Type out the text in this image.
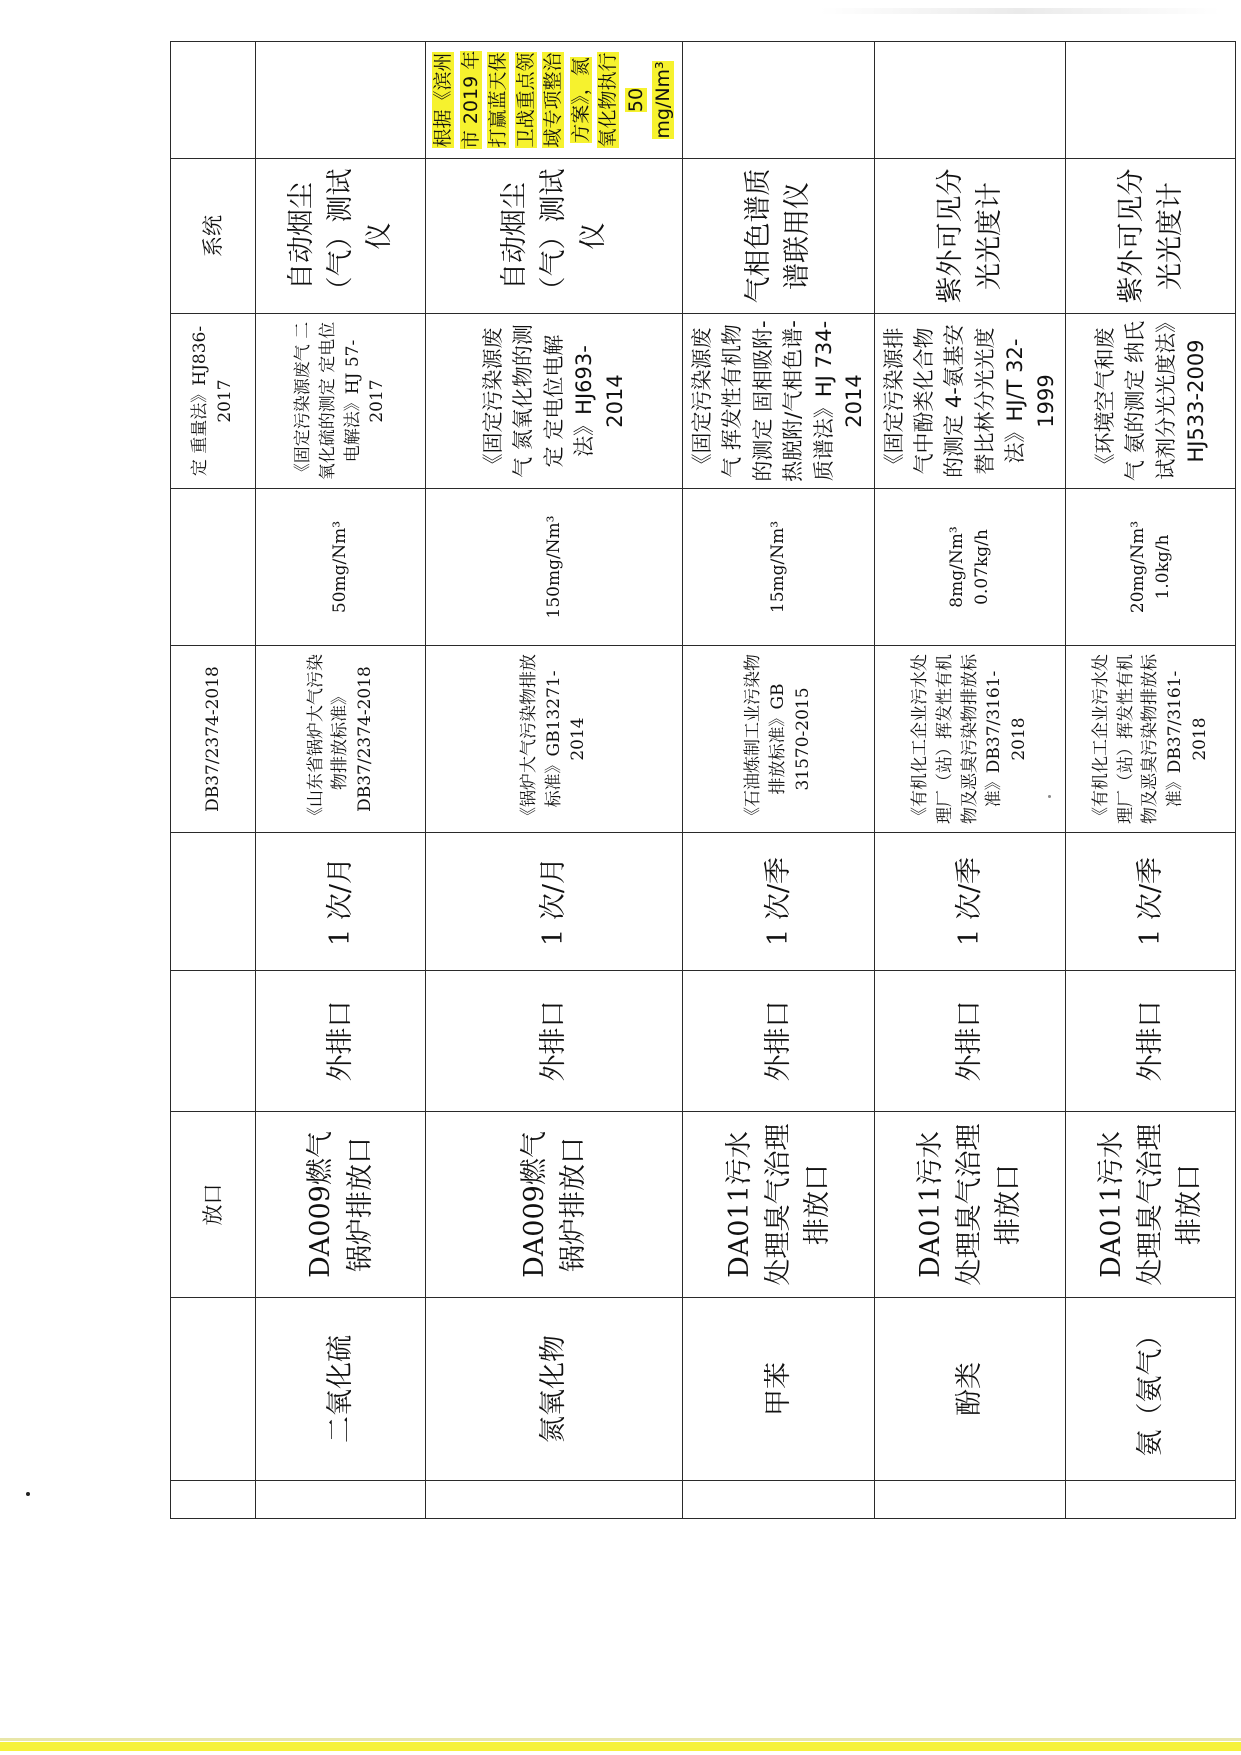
		放口			DB37/2374-2018		定 重量法》HJ836-2017	系统	
	二氧化硫	DA009燃气锅炉排放口	外排口	1 次/月	《山东省锅炉大气污染物排放标准》DB37/2374-2018	50mg/Nm³	《固定污染源废气 二氧化硫的测定 定电位电解法》HJ 57-2017	自动烟尘（气）测试仪	
	氮氧化物	DA009燃气锅炉排放口	外排口	1 次/月	《锅炉大气污染物排放标准》GB13271-2014	150mg/Nm³	《固定污染源废气 氮氧化物的测定 定电位电解法》HJ693-2014	自动烟尘（气）测试仪	根据《滨州市 2019 年打赢蓝天保卫战重点领域专项整治方案》，氮氧化物执行 50 mg/Nm³
	甲苯	DA011污水处理臭气治理排放口	外排口	1 次/季	《石油炼制工业污染物排放标准》GB 31570-2015	15mg/Nm³	《固定污染源废气 挥发性有机物的测定 固相吸附-热脱附/气相色谱-质谱法》HJ 734-2014	气相色谱质谱联用仪	
	酚类	DA011污水处理臭气治理排放口	外排口	1 次/季	《有机化工企业污水处理厂（站）挥发性有机物及恶臭污染物排放标准》DB37/3161-2018	8mg/Nm³ 0.07kg/h	《固定污染源排气中酚类化合物的测定 4-氨基安替比林分光光度法》HJ/T 32-1999	紫外可见分光光度计	
	氨（氨气）	DA011污水处理臭气治理排放口	外排口	1 次/季	《有机化工企业污水处理厂（站）挥发性有机物及恶臭污染物排放标准》DB37/3161-2018	20mg/Nm³ 1.0kg/h	《环境空气和废气 氨的测定 纳氏试剂分光光度法》HJ533-2009	紫外可见分光光度计	
